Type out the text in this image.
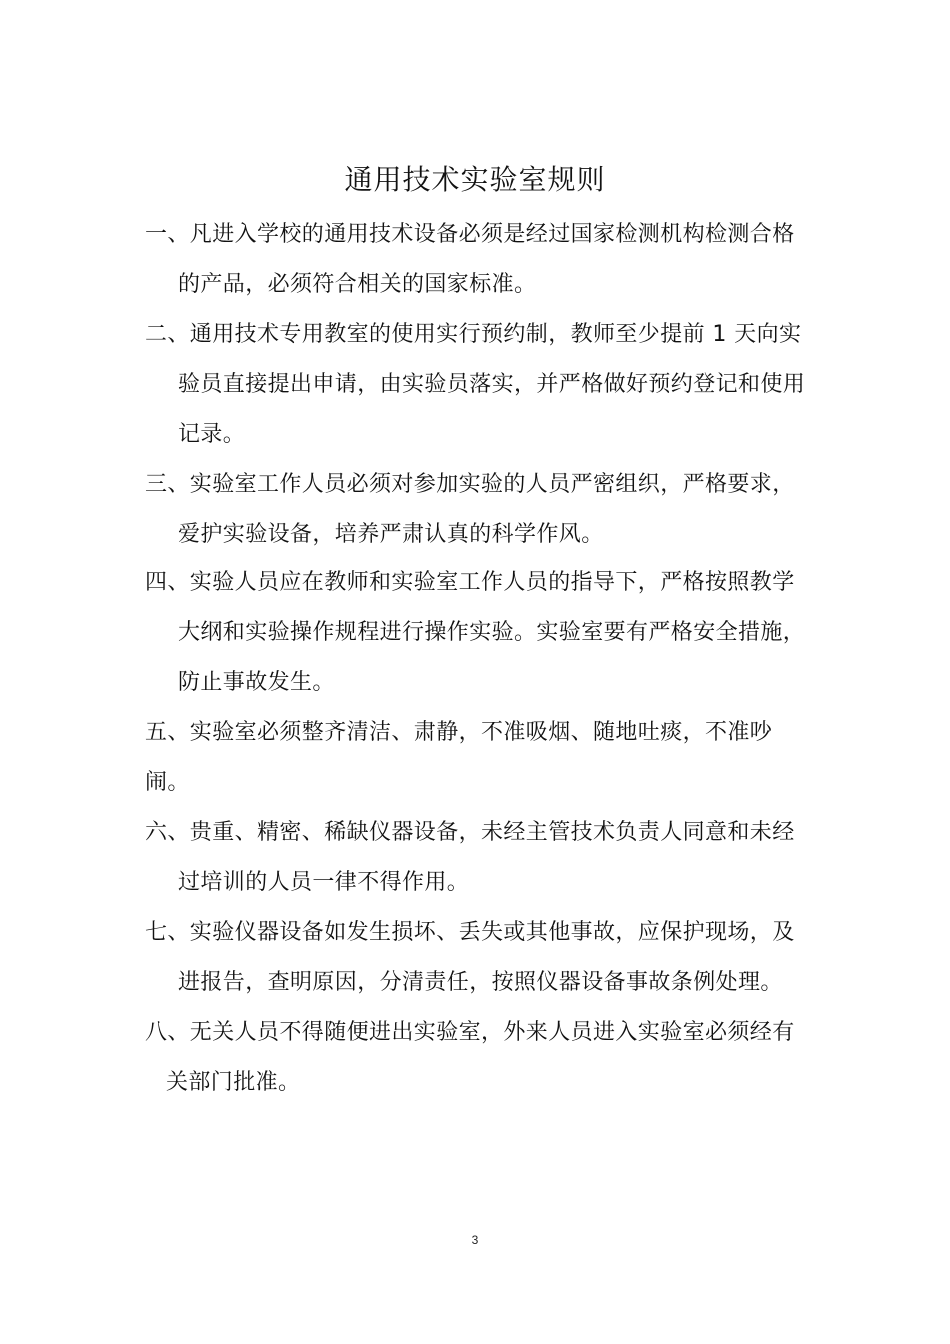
通用技术实验室规则
一、凡进入学校的通用技术设备必须是经过国家检测机构检测合格
的产品，必须符合相关的国家标准。
二、通用技术专用教室的使用实行预约制，教师至少提前 1 天向实
验员直接提出申请，由实验员落实，并严格做好预约登记和使用
记录。
三、实验室工作人员必须对参加实验的人员严密组织，严格要求，
爱护实验设备，培养严肃认真的科学作风。
四、实验人员应在教师和实验室工作人员的指导下，严格按照教学
大纲和实验操作规程进行操作实验。实验室要有严格安全措施，
防止事故发生。
五、实验室必须整齐清洁、肃静，不准吸烟、随地吐痰，不准吵
闹。
六、贵重、精密、稀缺仪器设备，未经主管技术负责人同意和未经
过培训的人员一律不得作用。
七、实验仪器设备如发生损坏、丢失或其他事故，应保护现场，及
进报告，查明原因，分清责任，按照仪器设备事故条例处理。
八、无关人员不得随便进出实验室，外来人员进入实验室必须经有
关部门批准。
3
